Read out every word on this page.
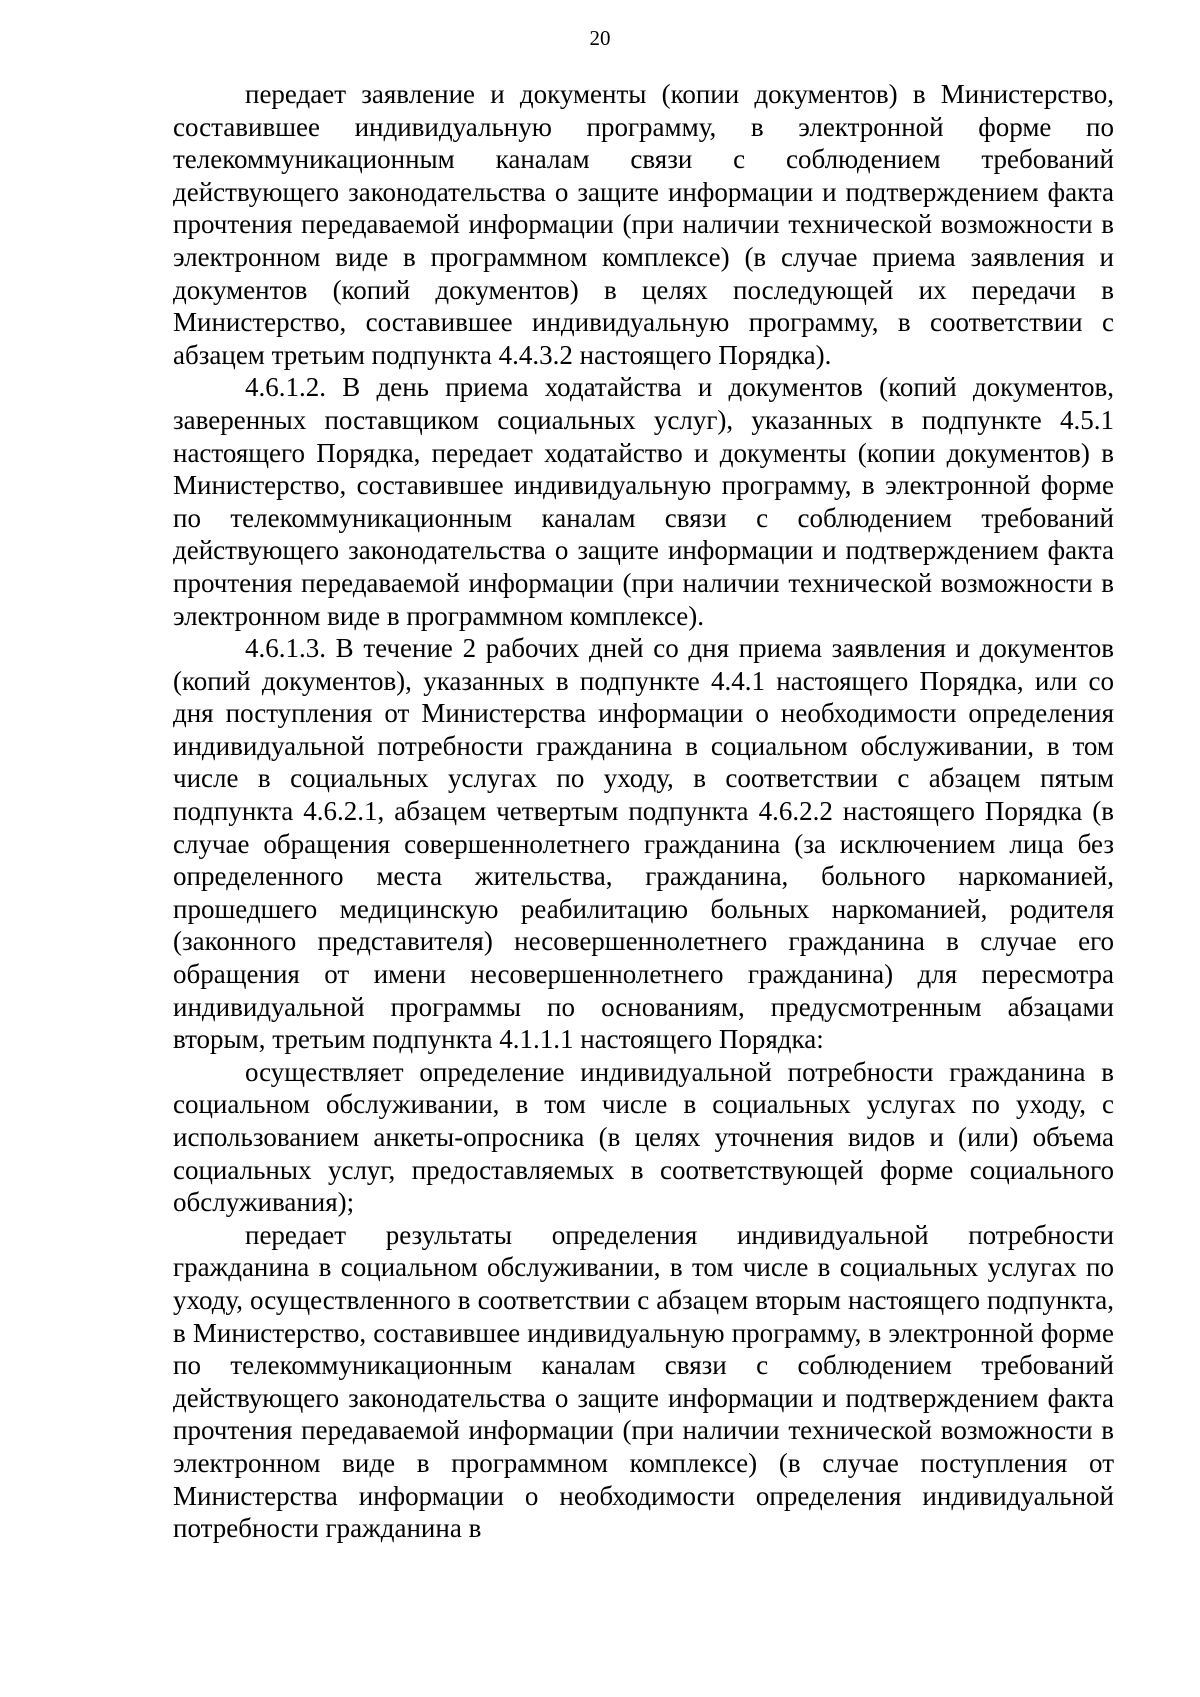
20

передает заявление и документы (копии документов) в Министерство, составившее индивидуальную программу, в электронной форме по телекоммуникационным каналам связи с соблюдением требований действующего законодательства о защите информации и подтверждением факта прочтения передаваемой информации (при наличии технической возможности в электронном виде в программном комплексе) (в случае приема заявления и документов (копий документов) в целях последующей их передачи в Министерство, составившее индивидуальную программу, в соответствии с абзацем третьим подпункта 4.4.3.2 настоящего Порядка).

4.6.1.2. В день приема ходатайства и документов (копий документов, заверенных поставщиком социальных услуг), указанных в подпункте 4.5.1 настоящего Порядка, передает ходатайство и документы (копии документов) в Министерство, составившее индивидуальную программу, в электронной форме по телекоммуникационным каналам связи с соблюдением требований действующего законодательства о защите информации и подтверждением факта прочтения передаваемой информации (при наличии технической возможности в электронном виде в программном комплексе).

4.6.1.3. В течение 2 рабочих дней со дня приема заявления и документов (копий документов), указанных в подпункте 4.4.1 настоящего Порядка, или со дня поступления от Министерства информации о необходимости определения индивидуальной потребности гражданина в социальном обслуживании, в том числе в социальных услугах по уходу, в соответствии с абзацем пятым подпункта 4.6.2.1, абзацем четвертым подпункта 4.6.2.2 настоящего Порядка (в случае обращения совершеннолетнего гражданина (за исключением лица без определенного места жительства, гражданина, больного наркоманией, прошедшего медицинскую реабилитацию больных наркоманией, родителя (законного представителя) несовершеннолетнего гражданина в случае его обращения от имени несовершеннолетнего гражданина) для пересмотра индивидуальной программы по основаниям, предусмотренным абзацами вторым, третьим подпункта 4.1.1.1 настоящего Порядка:

осуществляет определение индивидуальной потребности гражданина в социальном обслуживании, в том числе в социальных услугах по уходу, с использованием анкеты-опросника (в целях уточнения видов и (или) объема социальных услуг, предоставляемых в соответствующей форме социального обслуживания);

передает результаты определения индивидуальной потребности гражданина в социальном обслуживании, в том числе в социальных услугах по уходу, осуществленного в соответствии с абзацем вторым настоящего подпункта, в Министерство, составившее индивидуальную программу, в электронной форме по телекоммуникационным каналам связи с соблюдением требований действующего законодательства о защите информации и подтверждением факта прочтения передаваемой информации (при наличии технической возможности в электронном виде в программном комплексе) (в случае поступления от Министерства информации о необходимости определения индивидуальной потребности гражданина в
